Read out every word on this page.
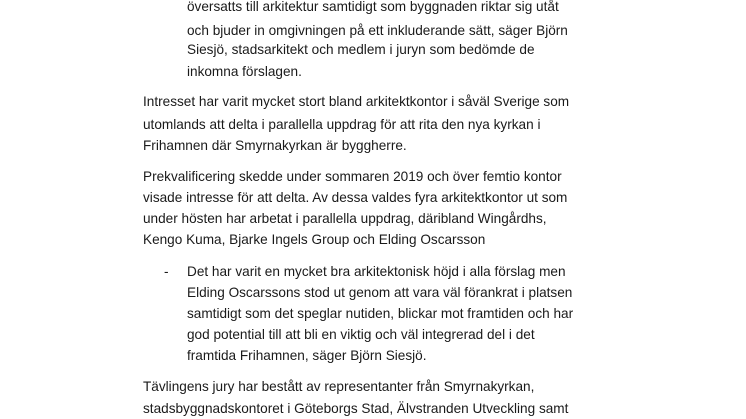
översatts till arkitektur samtidigt som byggnaden riktar sig utåt
och bjuder in omgivningen på ett inkluderande sätt, säger Björn
Siesjö, stadsarkitekt och medlem i juryn som bedömde de
inkomna förslagen.
Intresset har varit mycket stort bland arkitektkontor i såväl Sverige som
utomlands att delta i parallella uppdrag för att rita den nya kyrkan i
Frihamnen där Smyrnakyrkan är byggherre.
Prekvalificering skedde under sommaren 2019 och över femtio kontor
visade intresse för att delta. Av dessa valdes fyra arkitektkontor ut som
under hösten har arbetat i parallella uppdrag, däribland Wingårdhs,
Kengo Kuma, Bjarke Ingels Group och Elding Oscarsson
- Det har varit en mycket bra arkitektonisk höjd i alla förslag men
Elding Oscarssons stod ut genom att vara väl förankrat i platsen
samtidigt som det speglar nutiden, blickar mot framtiden och har
god potential till att bli en viktig och väl integrerad del i det
framtida Frihamnen, säger Björn Siesjö.
Tävlingens jury har bestått av representanter från Smyrnakyrkan,
stadsbyggnadskontoret i Göteborgs Stad, Älvstranden Utveckling samt
